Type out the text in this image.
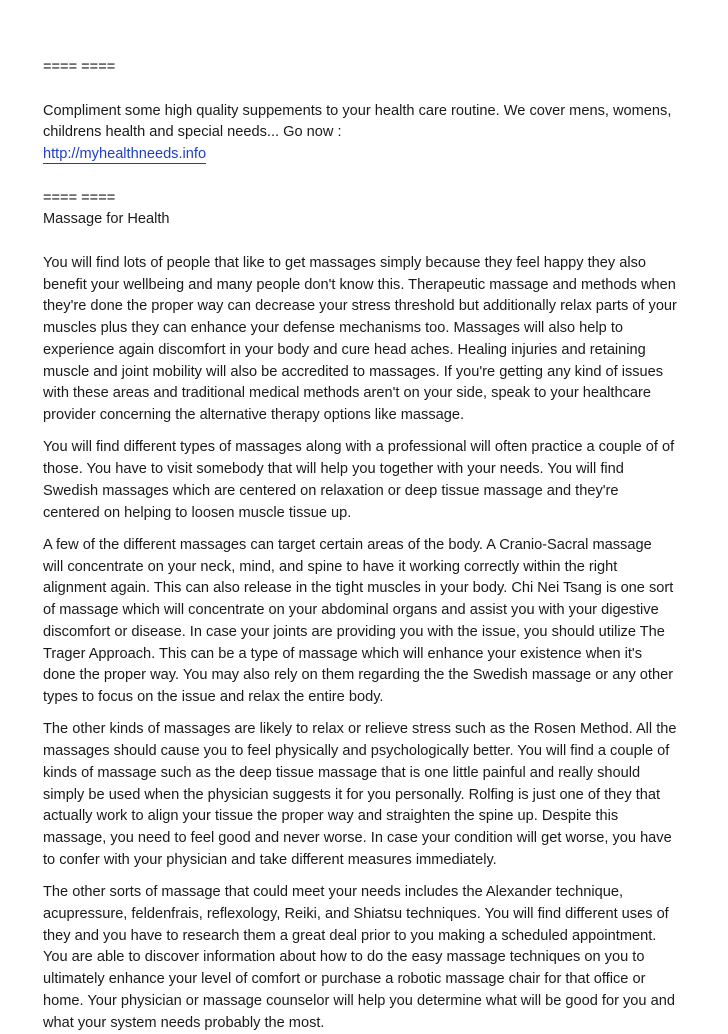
==== ====

Compliment some high quality suppements to your health care routine. We cover mens, womens,
childrens health and special needs... Go now :

http://myhealthneeds.info

==== ====

Massage for Health

You will find lots of people that like to get massages simply because they feel happy they also
benefit your wellbeing and many people don't know this. Therapeutic massage and methods when
they're done the proper way can decrease your stress threshold but additionally relax parts of your
muscles plus they can enhance your defense mechanisms too. Massages will also help to
experience again discomfort in your body and cure head aches. Healing injuries and retaining
muscle and joint mobility will also be accredited to massages. If you're getting any kind of issues
with these areas and traditional medical methods aren't on your side, speak to your healthcare
provider concerning the alternative therapy options like massage.

You will find different types of massages along with a professional will often practice a couple of of
those. You have to visit somebody that will help you together with your needs. You will find
Swedish massages which are centered on relaxation or deep tissue massage and they're
centered on helping to loosen muscle tissue up.

A few of the different massages can target certain areas of the body. A Cranio-Sacral massage
will concentrate on your neck, mind, and spine to have it working correctly within the right
alignment again. This can also release in the tight muscles in your body. Chi Nei Tsang is one sort
of massage which will concentrate on your abdominal organs and assist you with your digestive
discomfort or disease. In case your joints are providing you with the issue, you should utilize The
Trager Approach. This can be a type of massage which will enhance your existence when it's
done the proper way. You may also rely on them regarding the the Swedish massage or any other
types to focus on the issue and relax the entire body.

The other kinds of massages are likely to relax or relieve stress such as the Rosen Method. All the
massages should cause you to feel physically and psychologically better. You will find a couple of
kinds of massage such as the deep tissue massage that is one little painful and really should
simply be used when the physician suggests it for you personally. Rolfing is just one of they that
actually work to align your tissue the proper way and straighten the spine up. Despite this
massage, you need to feel good and never worse. In case your condition will get worse, you have
to confer with your physician and take different measures immediately.

The other sorts of massage that could meet your needs includes the Alexander technique,
acupressure, feldenfrais, reflexology, Reiki, and Shiatsu techniques. You will find different uses of
they and you have to research them a great deal prior to you making a scheduled appointment.
You are able to discover information about how to do the easy massage techniques on you to
ultimately enhance your level of comfort or purchase a robotic massage chair for that office or
home. Your physician or massage counselor will help you determine what will be good for you and
what your system needs probably the most.
